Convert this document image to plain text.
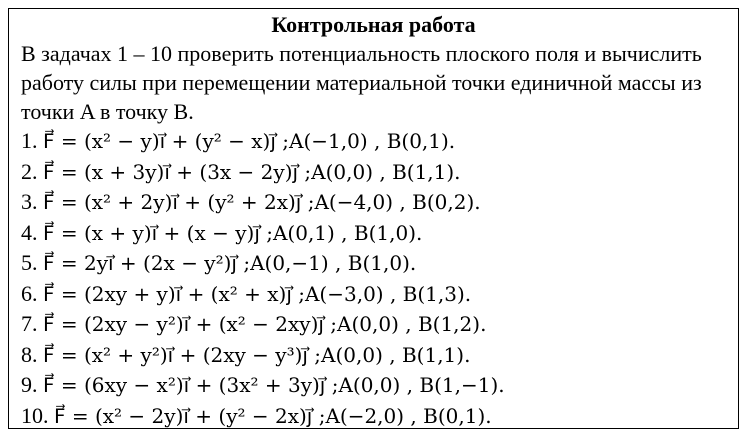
Контрольная работа
В задачах 1 – 10 проверить потенциальность плоского поля и вычислить работу силы при перемещении материальной точки единичной массы из точки A в точку B.
1. F⃗ = (x² − y)i⃗ + (y² − x)j⃗ ;A(−1,0) , B(0,1).
2. F⃗ = (x + 3y)i⃗ + (3x − 2y)j⃗ ;A(0,0) , B(1,1).
3. F⃗ = (x² + 2y)i⃗ + (y² + 2x)j⃗ ;A(−4,0) , B(0,2).
4. F⃗ = (x + y)i⃗ + (x − y)j⃗ ;A(0,1) , B(1,0).
5. F⃗ = 2yi⃗ + (2x − y²)j⃗ ;A(0,−1) , B(1,0).
6. F⃗ = (2xy + y)i⃗ + (x² + x)j⃗ ;A(−3,0) , B(1,3).
7. F⃗ = (2xy − y²)i⃗ + (x² − 2xy)j⃗ ;A(0,0) , B(1,2).
8. F⃗ = (x² + y²)i⃗ + (2xy − y³)j⃗ ;A(0,0) , B(1,1).
9. F⃗ = (6xy − x²)i⃗ + (3x² + 3y)j⃗ ;A(0,0) , B(1,−1).
10. F⃗ = (x² − 2y)i⃗ + (y² − 2x)j⃗ ;A(−2,0) , B(0,1).
